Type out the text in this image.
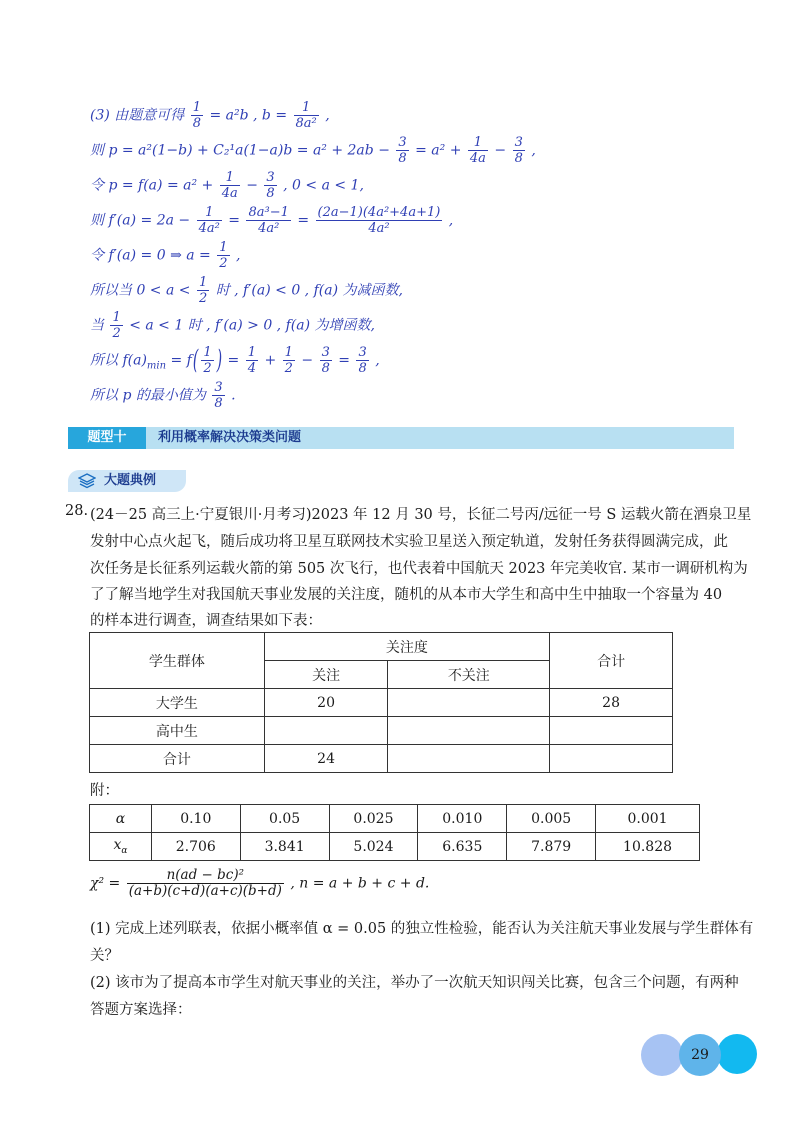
(3) 由题意可得 $\frac{1}{8} = a^2b$ , $b = \frac{1}{\text{8a²}}$ ,
则 $p = a^2(1-b) + C_2^1a(1-a)b = a^2 + 2ab - \frac{3}{8} = a^2 + \frac{1}{4a} - \frac{3}{8}$ ,
令 $p = f(a) = a^2 + \frac{1}{4a} - \frac{3}{8}$ , 0 < a < 1,
则 $f'(a) = 2a - \frac{1}{\text{4a²}} = \frac{\text{8a³−1}}{\text{4a²}} = \frac{\text{(2a−1)(4a²+4a+1)}}{\text{4a²}}$ ,
令 f′(a) = 0 ⇒ $a = \frac{1}{2}$ ,
所以当 $0 < a < \frac{1}{2}$ 时 , f′(a) < 0 , f(a) 为减函数,
当 $\frac{1}{2} < a < 1$ 时 , f′(a) > 0 , f(a) 为增函数,
所以 $f(a)_{min} = f( \frac{1}{2}$ ) = $\frac{1}{4} + \frac{1}{2} - \frac{3}{8} = \frac{3}{8}$ ,
所以 p 的最小值为 $\frac{3}{8}$ .
题型十	利用概率解决决策类问题
大题典例
28. (24－25 高三上·宁夏银川·月考习)2023 年 12 月 30 号，长征二号丙/远征一号 S 运载火箭在酒泉卫星
发射中心点火起飞，随后成功将卫星互联网技术实验卫星送入预定轨道，发射任务获得圆满完成，此
次任务是长征系列运载火箭的第 505 次飞行，也代表着中国航天 2023 年完美收官. 某市一调研机构为
了了解当地学生对我国航天事业发展的关注度，随机的从本市大学生和高中生中抽取一个容量为 40
的样本进行调查，调查结果如下表：
学生群体	关注度		合计
	关注	不关注	
大学生	20		28
高中生			
合计	24		
附：
α	0.10	0.05	0.025	0.010	0.005	0.001
$x_\alpha$	2.706	3.841	5.024	6.635	7.879	10.828
$\chi^2 = \frac{\text{n(ad − bc)²}}{(a+b)(c+d)(a+c)(b+d)}$ , n = a + b + c + d.
(1) 完成上述列联表，依据小概率值 α = 0.05 的独立性检验，能否认为关注航天事业发展与学生群体有
关？
(2) 该市为了提高本市学生对航天事业的关注，举办了一次航天知识闯关比赛，包含三个问题，有两种
答题方案选择：
29
